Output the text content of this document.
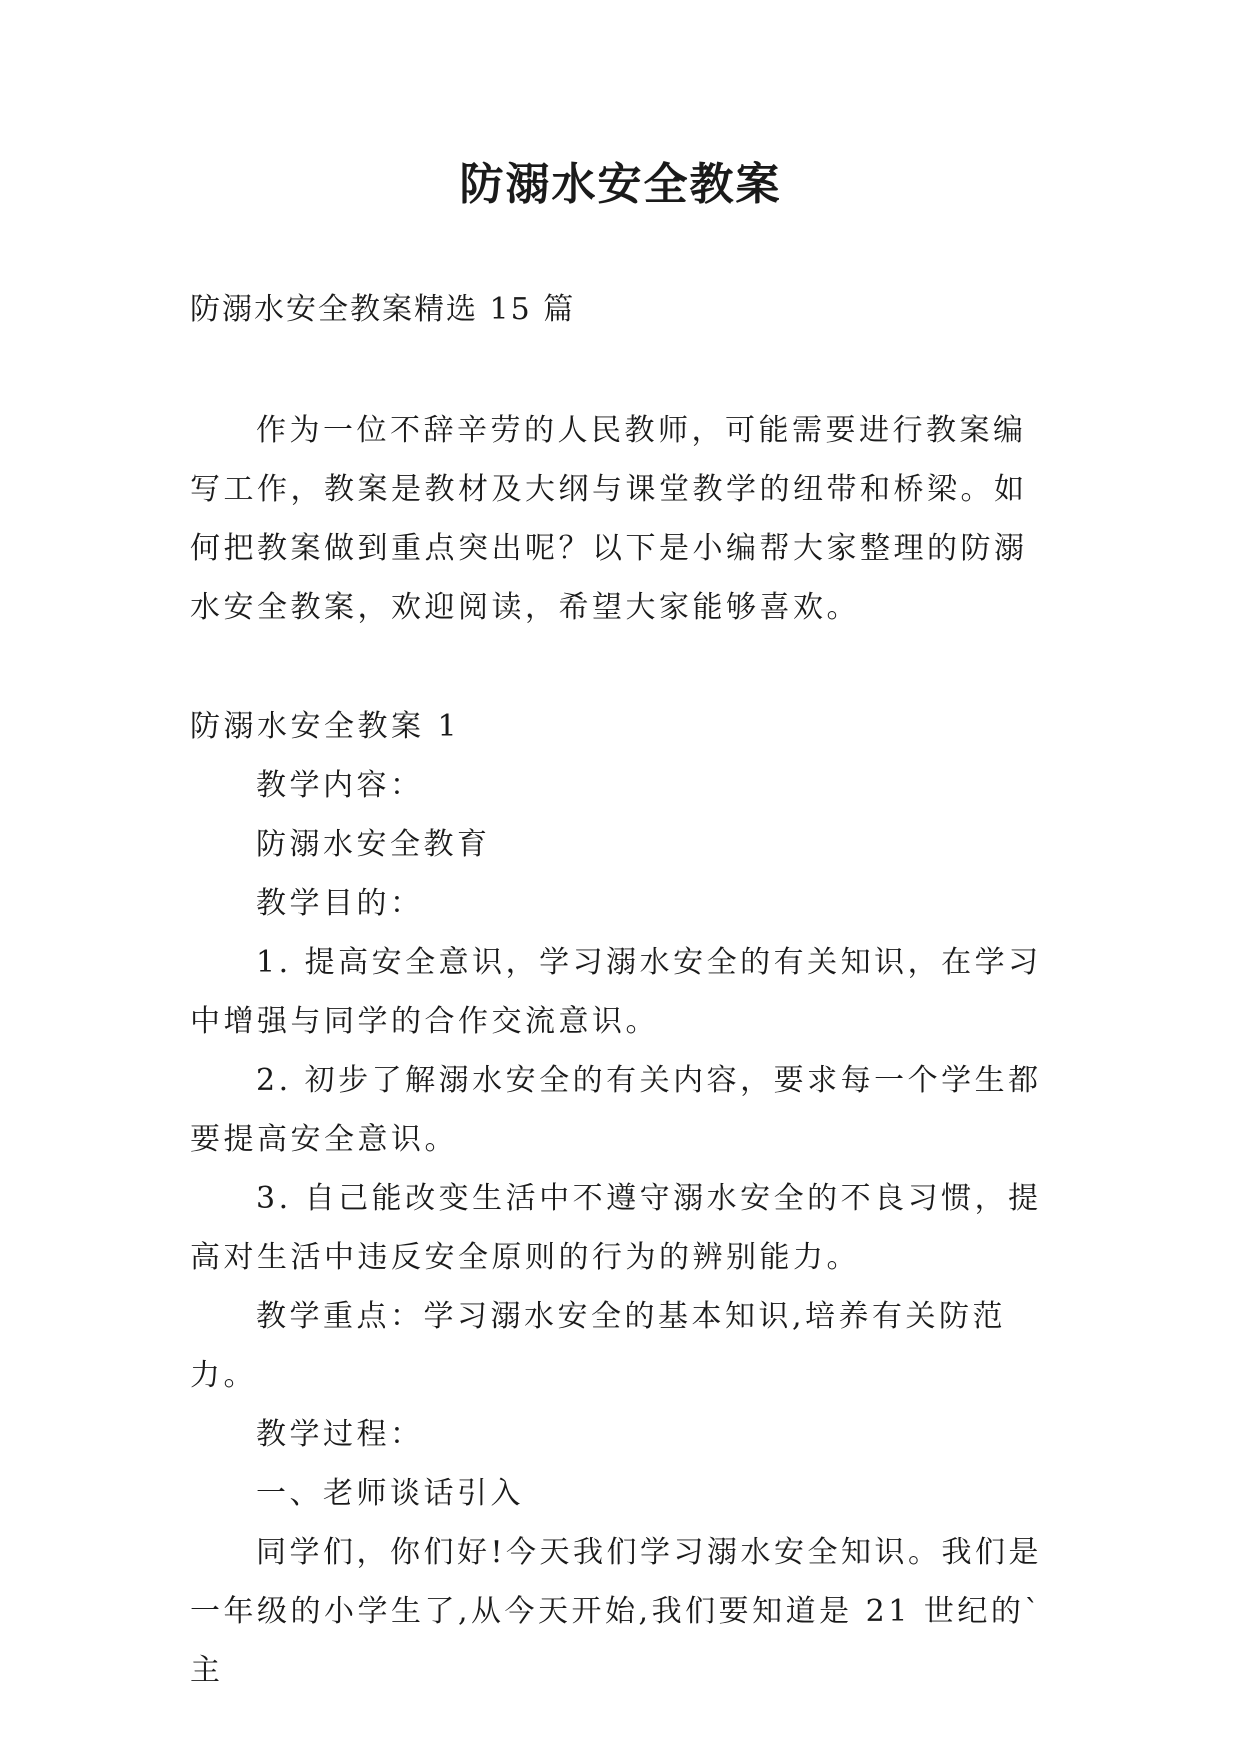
防溺水安全教案

防溺水安全教案精选 15 篇

作为一位不辞辛劳的人民教师，可能需要进行教案编写工作，教案是教材及大纲与课堂教学的纽带和桥梁。如何把教案做到重点突出呢？以下是小编帮大家整理的防溺水安全教案，欢迎阅读，希望大家能够喜欢。

防溺水安全教案 1

教学内容：

防溺水安全教育

教学目的：

1. 提高安全意识，学习溺水安全的有关知识，在学习中增强与同学的合作交流意识。

2. 初步了解溺水安全的有关内容，要求每一个学生都要提高安全意识。

3. 自己能改变生活中不遵守溺水安全的不良习惯，提高对生活中违反安全原则的行为的辨别能力。

教学重点：学习溺水安全的基本知识,培养有关防范力。

教学过程：

一、老师谈话引入

同学们，你们好!今天我们学习溺水安全知识。我们是一年级的小学生了,从今天开始,我们要知道是 21 世纪的`主
